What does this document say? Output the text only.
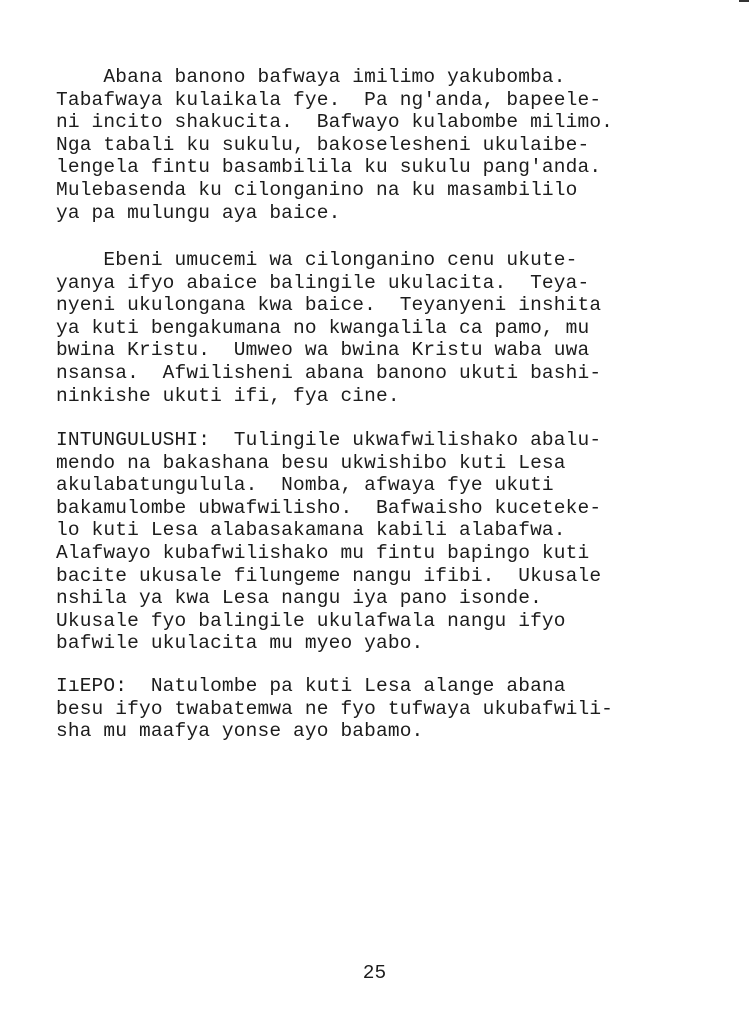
Abana banono bafwaya imilimo yakubomba.
Tabafwaya kulaikala fye.  Pa ng'anda, bapeele-
ni incito shakucita.  Bafwayo kulabombe milimo.
Nga tabali ku sukulu, bakoselesheni ukulaibe-
lengela fintu basambilila ku sukulu pang'anda.
Mulebasenda ku cilonganino na ku masambililo
ya pa mulungu aya baice.

Ebeni umucemi wa cilonganino cenu ukute-
yanya ifyo abaice balingile ukulacita.  Teya-
nyeni ukulongana kwa baice.  Teyanyeni inshita
ya kuti bengakumana no kwangalila ca pamo, mu
bwina Kristu.  Umweo wa bwina Kristu waba uwa
nsansa.  Afwilisheni abana banono ukuti bashi-
ninkishe ukuti ifi, fya cine.

INTUNGULUSHI:  Tulingile ukwafwilishako abalu-
mendo na bakashana besu ukwishibo kuti Lesa
akulabatungulula.  Nomba, afwaya fye ukuti
bakamulombe ubwafwilisho.  Bafwaisho kuceteke-
lo kuti Lesa alabasakamana kabili alabafwa.
Alafwayo kubafwilishako mu fintu bapingo kuti
bacite ukusale filungeme nangu ifibi.  Ukusale
nshila ya kwa Lesa nangu iya pano isonde.
Ukusale fyo balingile ukulafwala nangu ifyo
bafwile ukulacita mu myeo yabo.

IıEPO:  Natulombe pa kuti Lesa alange abana
besu ifyo twabatemwa ne fyo tufwaya ukubafwili-
sha mu maafya yonse ayo babamo.

25
